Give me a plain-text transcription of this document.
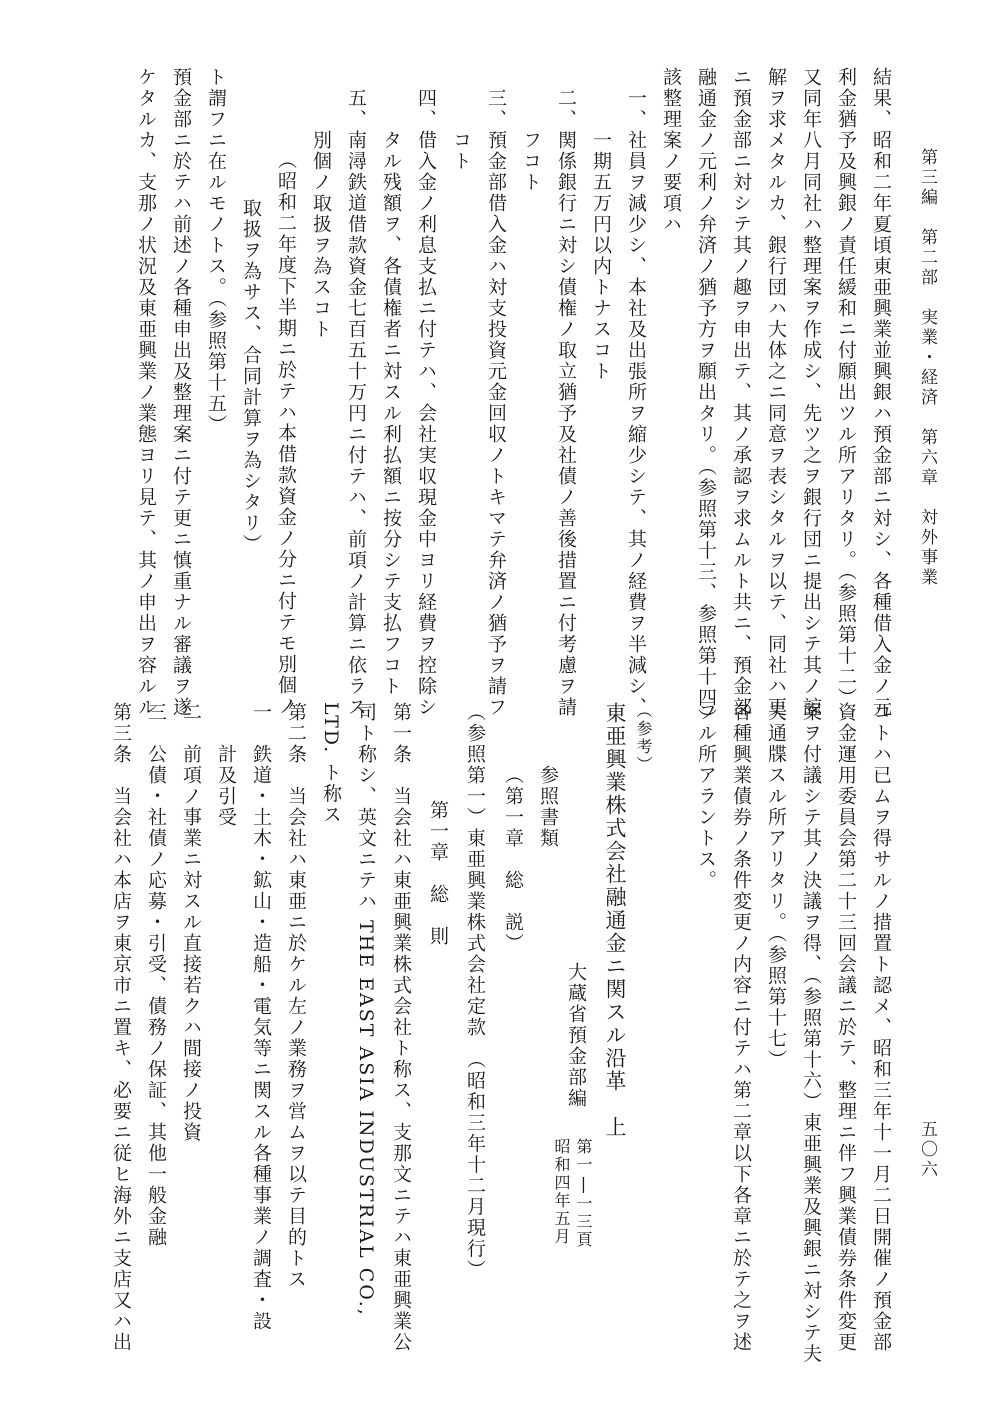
第三編　第二部　実業・経済　第六章　対外事業
五〇六
結果、昭和二年夏頃東亜興業並興銀ハ預金部ニ対シ、各種借入金ノ元
利金猶予及興銀ノ責任緩和ニ付願出ツル所アリタリ。（参照第十二）
又同年八月同社ハ整理案ヲ作成シ、先ツ之ヲ銀行団ニ提出シテ其ノ諒
解ヲ求メタルカ、銀行団ハ大体之ニ同意ヲ表シタルヲ以テ、同社ハ更
ニ預金部ニ対シテ其ノ趣ヲ申出テ、其ノ承認ヲ求ムルト共ニ、預金部
融通金ノ元利ノ弁済ノ猶予方ヲ願出タリ。（参照第十三、参照第十四）
該整理案ノ要項ハ
一、社員ヲ減少シ、本社及出張所ヲ縮少シテ、其ノ経費ヲ半減シ、
一期五万円以内トナスコト
二、関係銀行ニ対シ債権ノ取立猶予及社債ノ善後措置ニ付考慮ヲ請
フコト
三、預金部借入金ハ対支投資元金回収ノトキマテ弁済ノ猶予ヲ請フ
コト
四、借入金ノ利息支払ニ付テハ、会社実収現金中ヨリ経費ヲ控除シ
タル残額ヲ、各債権者ニ対スル利払額ニ按分シテ支払フコト
五、南潯鉄道借款資金七百五十万円ニ付テハ、前項ノ計算ニ依ラス
別個ノ取扱ヲ為スコト
（昭和二年度下半期ニ於テハ本借款資金ノ分ニ付テモ別個ノ
取扱ヲ為サス、合同計算ヲ為シタリ）
ト謂フニ在ルモノトス。（参照第十五）
預金部ニ於テハ前述ノ各種申出及整理案ニ付テ更ニ慎重ナル審議ヲ遂
ケタルカ、支那ノ状況及東亜興業ノ業態ヨリ見テ、其ノ申出ヲ容ルル
コトハ已ムヲ得サルノ措置ト認メ、昭和三年十一月二日開催ノ預金部
資金運用委員会第二十三回会議ニ於テ、整理ニ伴フ興業債券条件変更
案ヲ付議シテ其ノ決議ヲ得、（参照第十六）東亜興業及興銀ニ対シテ夫
夫通牒スル所アリタリ。（参照第十七）
各種興業債券ノ条件変更ノ内容ニ付テハ第二章以下各章ニ於テ之ヲ述
フル所アラントス。
（参考）
東亜興業株式会社融通金ニ関スル沿革　上
大蔵省預金部編
第一|一三頁
昭和四年五月
参照書類
（第一章　総　説）
（参照第一）東亜興業株式会社定款　（昭和三年十二月現行）
第一章　総　則
第一条　当会社ハ東亜興業株式会社ト称ス、支那文ニテハ東亜興業公
司ト称シ、英文ニテハ THE EAST ASIA INDUSTRIAL CO.,
LTD. ト称ス
第二条　当会社ハ東亜ニ於ケル左ノ業務ヲ営ムヲ以テ目的トス
一　鉄道・土木・鉱山・造船・電気等ニ関スル各種事業ノ調査・設
計及引受
二　前項ノ事業ニ対スル直接若クハ間接ノ投資
三　公債・社債ノ応募・引受、債務ノ保証、其他一般金融
第三条　当会社ハ本店ヲ東京市ニ置キ、必要ニ従ヒ海外ニ支店又ハ出
